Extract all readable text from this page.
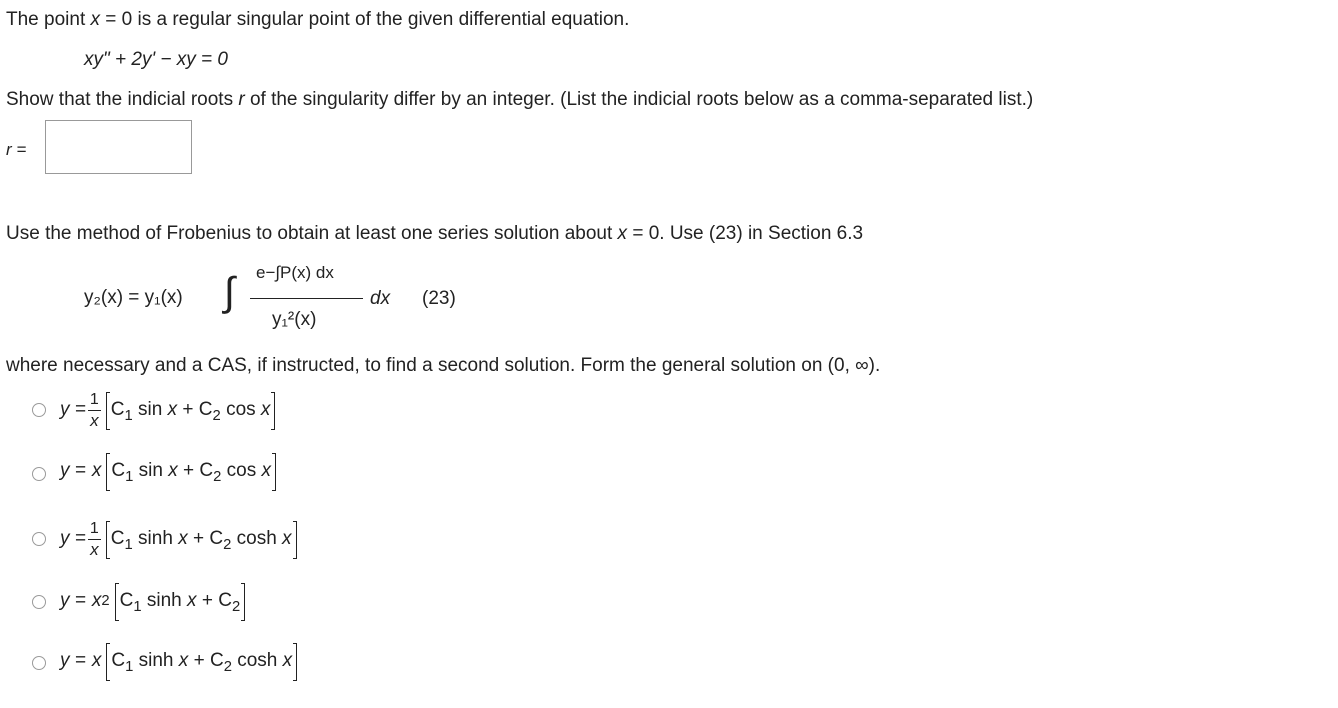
The point x = 0 is a regular singular point of the given differential equation.
xy" + 2y' − xy = 0
Show that the indicial roots r of the singularity differ by an integer. (List the indicial roots below as a comma-separated list.)
r =
Use the method of Frobenius to obtain at least one series solution about x = 0. Use (23) in Section 6.3
y₂(x) = y₁(x) ∫ e−∫P(x) dx
y₁²(x)
dx (23)
where necessary and a CAS, if instructed, to find a second solution. Form the general solution on (0, ∞).
$y = \frac{1}{x} C_1$ $\sin x + C_2$ cos x
y = x $C_1$ $\sin x + C_2$ cos x
$y = \frac{1}{x} C_1$ $\sinh x + C_2$ cosh x
y = x 2 $C_1$ $\sinh x + C_2$
y = x $C_1$ $\sinh x + C_2$ cosh x
